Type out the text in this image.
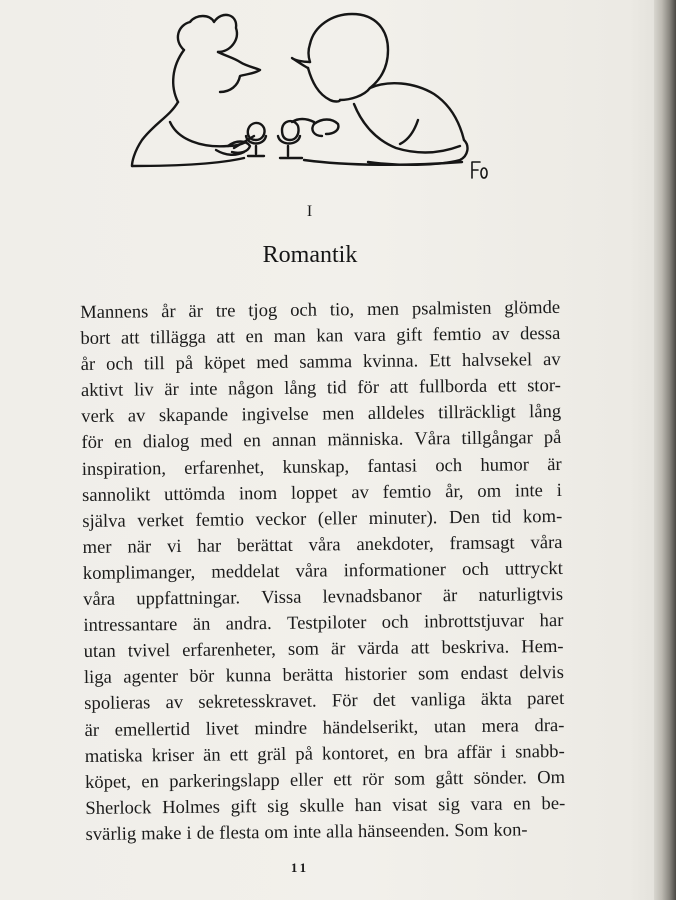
I
Romantik
Mannens år är tre tjog och tio, men psalmisten glömde
bort att tillägga att en man kan vara gift femtio av dessa
år och till på köpet med samma kvinna. Ett halvsekel av
aktivt liv är inte någon lång tid för att fullborda ett stor-
verk av skapande ingivelse men alldeles tillräckligt lång
för en dialog med en annan människa. Våra tillgångar på
inspiration, erfarenhet, kunskap, fantasi och humor är
sannolikt uttömda inom loppet av femtio år, om inte i
själva verket femtio veckor (eller minuter). Den tid kom-
mer när vi har berättat våra anekdoter, framsagt våra
komplimanger, meddelat våra informationer och uttryckt
våra uppfattningar. Vissa levnadsbanor är naturligtvis
intressantare än andra. Testpiloter och inbrottstjuvar har
utan tvivel erfarenheter, som är värda att beskriva. Hem-
liga agenter bör kunna berätta historier som endast delvis
spolieras av sekretesskravet. För det vanliga äkta paret
är emellertid livet mindre händelserikt, utan mera dra-
matiska kriser än ett gräl på kontoret, en bra affär i snabb-
köpet, en parkeringslapp eller ett rör som gått sönder. Om
Sherlock Holmes gift sig skulle han visat sig vara en be-
svärlig make i de flesta om inte alla hänseenden. Som kon-
11
